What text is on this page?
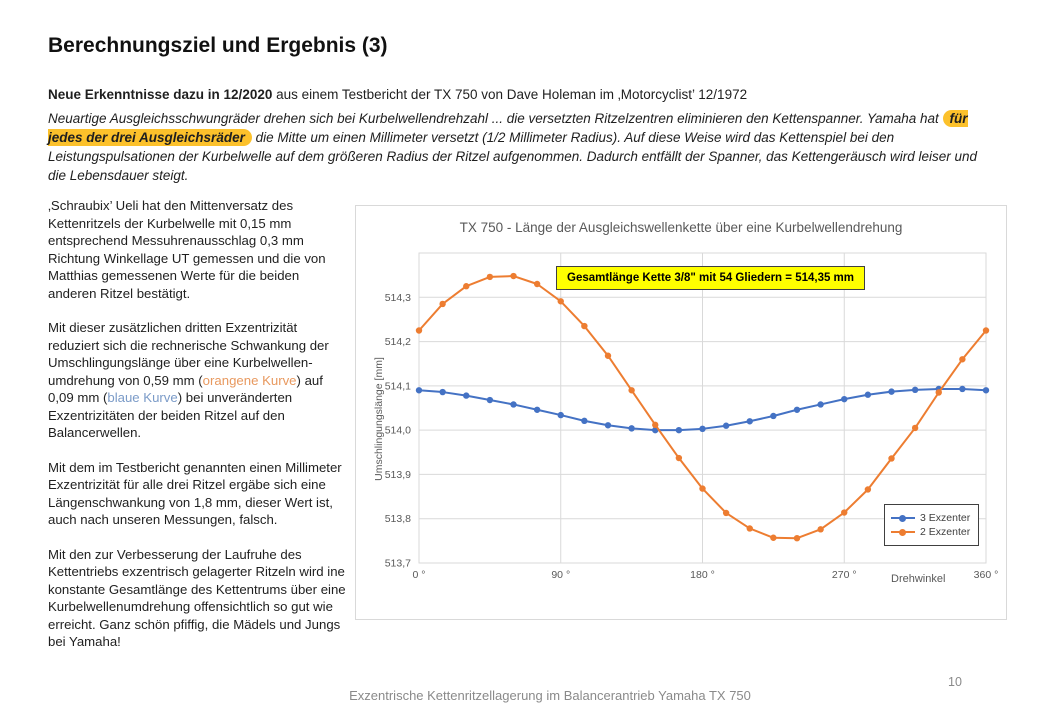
Berechnungsziel und Ergebnis (3)

Neue Erkenntnisse dazu in 12/2020 aus einem Testbericht der TX 750 von Dave Holeman im ‚Motorcyclist’ 12/1972

Neuartige Ausgleichsschwungräder drehen sich bei Kurbelwellendrehzahl ... die versetzten Ritzelzentren eliminieren den Kettenspanner. Yamaha hat für jedes der drei Ausgleichsräder die Mitte um einen Millimeter versetzt (1/2 Millimeter Radius). Auf diese Weise wird das Kettenspiel bei den Leistungspulsationen der Kurbelwelle auf dem größeren Radius der Ritzel aufgenommen. Dadurch entfällt der Spanner, das Kettengeräusch wird leiser und die Lebensdauer steigt.

‚Schraubix’ Ueli hat den Mittenversatz des Kettenritzels der Kurbelwelle mit 0,15 mm entsprechend Messuhrenausschlag 0,3 mm Richtung Winkellage UT gemessen und die von Matthias gemessenen Werte für die beiden anderen Ritzel bestätigt.

Mit dieser zusätzlichen dritten Exzentrizität reduziert sich die rechnerische Schwankung der Umschlingungslänge über eine Kurbelwellen-umdrehung von 0,59 mm (orangene Kurve) auf 0,09 mm (blaue Kurve) bei unveränderten Exzentrizitäten der beiden Ritzel auf den Balancerwellen.

Mit dem im Testbericht genannten einen Millimeter Exzentrizität für alle drei Ritzel ergäbe sich eine Längenschwankung von 1,8 mm, dieser Wert ist, auch nach unseren Messungen, falsch.

Mit den zur Verbesserung der Laufruhe des Kettentriebs exzentrisch gelagerter Ritzeln wird ine konstante Gesamtlänge des Kettentrums über eine Kurbelwellenumdrehung offensichtlich so gut wie erreicht. Ganz schön pfiffig, die Mädels und Jungs bei Yamaha!

TX 750 - Länge der Ausgleichswellenkette über eine Kurbelwellendrehung
Umschlingungslänge [mm]
513,7
513,8
513,9
514,0
514,1
514,2
514,3
0 °	90 °	180 °	270 °	360 °
Gesamtlänge Kette 3/8" mit 54 Gliedern = 514,35 mm
Drehwinkel
3 Exzenter
2 Exzenter
Exzentrische Kettenritzellagerung im Balancerantrieb Yamaha TX 750
10
